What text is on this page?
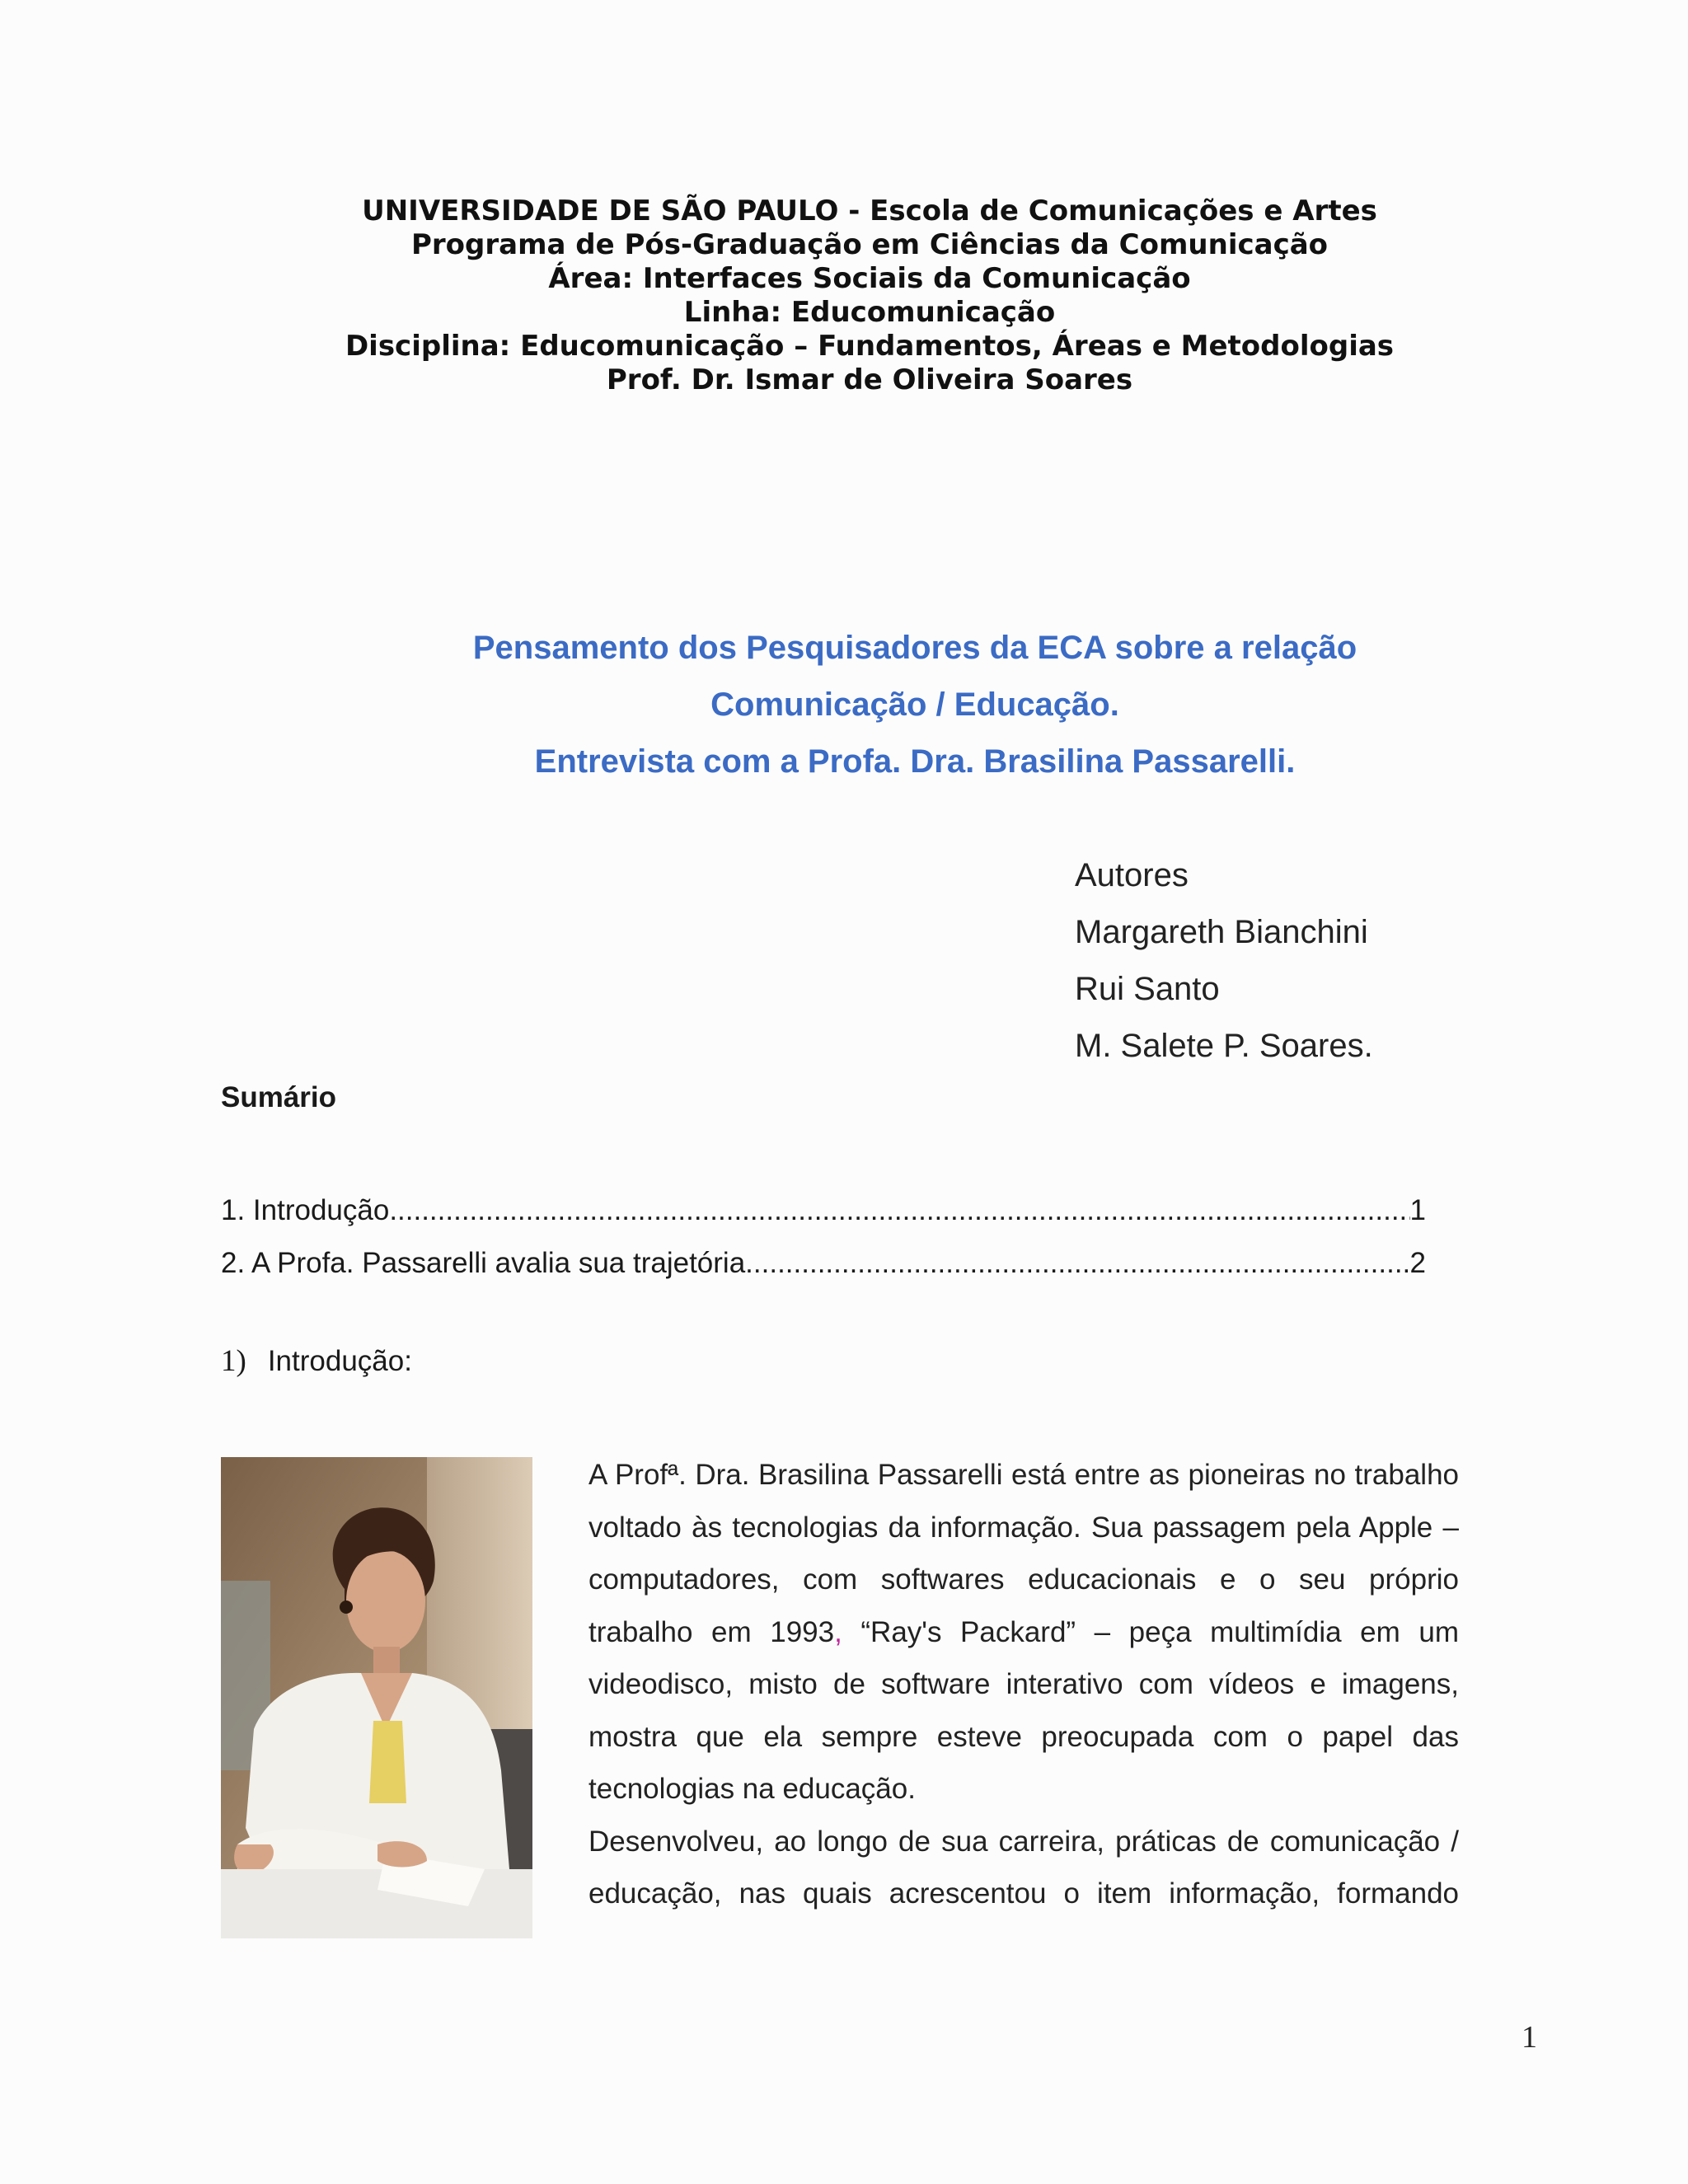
UNIVERSIDADE DE SÃO PAULO - Escola de Comunicações e Artes
Programa de Pós-Graduação em Ciências da Comunicação
Área: Interfaces Sociais da Comunicação
Linha: Educomunicação
Disciplina: Educomunicação – Fundamentos, Áreas e Metodologias
Prof. Dr. Ismar de Oliveira Soares
Pensamento dos Pesquisadores da ECA sobre a relação
Comunicação / Educação.
Entrevista com a Profa. Dra. Brasilina Passarelli.
Autores
Margareth Bianchini
Rui Santo
M. Salete P. Soares.
Sumário
1. Introdução .....	1
2. A Profa. Passarelli avalia sua trajetória .....	2
1) Introdução:

A Profª. Dra. Brasilina Passarelli está entre as pioneiras no trabalho voltado às tecnologias da informação. Sua passagem pela Apple – computadores, com softwares educacionais e o seu próprio trabalho em 1993, “Ray's Packard” – peça multimídia em um videodisco, misto de software interativo com vídeos e imagens, mostra que ela sempre esteve preocupada com o papel das tecnologias na educação.

Desenvolveu, ao longo de sua carreira, práticas de comunicação / educação, nas quais acrescentou o item informação, formando

1
